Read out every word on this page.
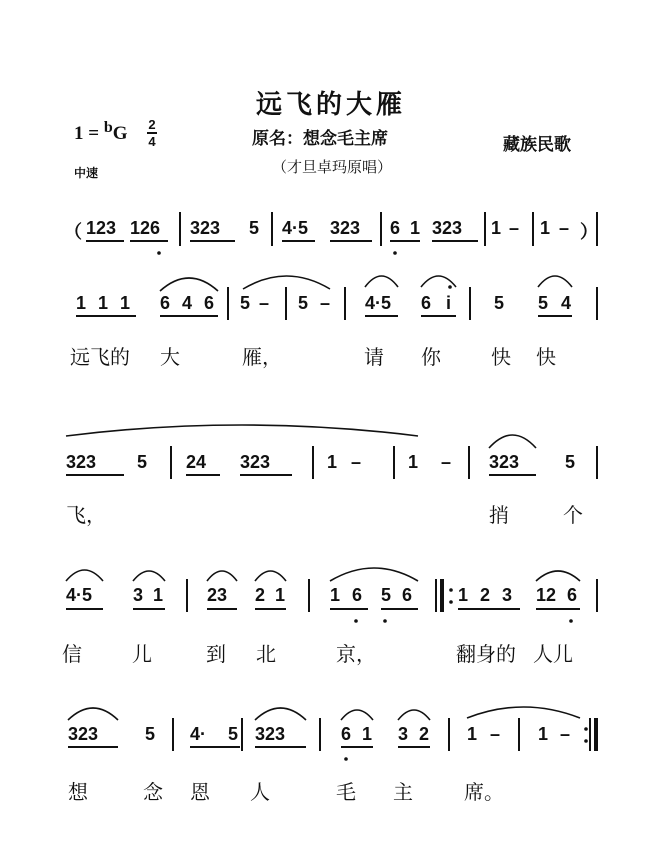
远飞的大雁
1 = $^b$G 2
4	原名：想念毛主席	藏族民歌
（才旦卓玛原唱）
中速
（ 123 126 323 5 4·5 323 6 1 323 1 – 1 – ）
1 1 1 6 4 6 5 – 5 – 4·5 6 i 5 5 4
远飞的 大	雁，	请 你	快 快
323 5 24 323	1 –	1 – 323	5
飞，	捎	个
4·5 3 1 23 2 1 1 6 5 6	1 2 3 12 6
信	儿	到 北	京，	翻身的 人儿
323	5 4· 5 323	6 1 3 2 1 – 1 –
想	念 恩 人	毛 主	席。
